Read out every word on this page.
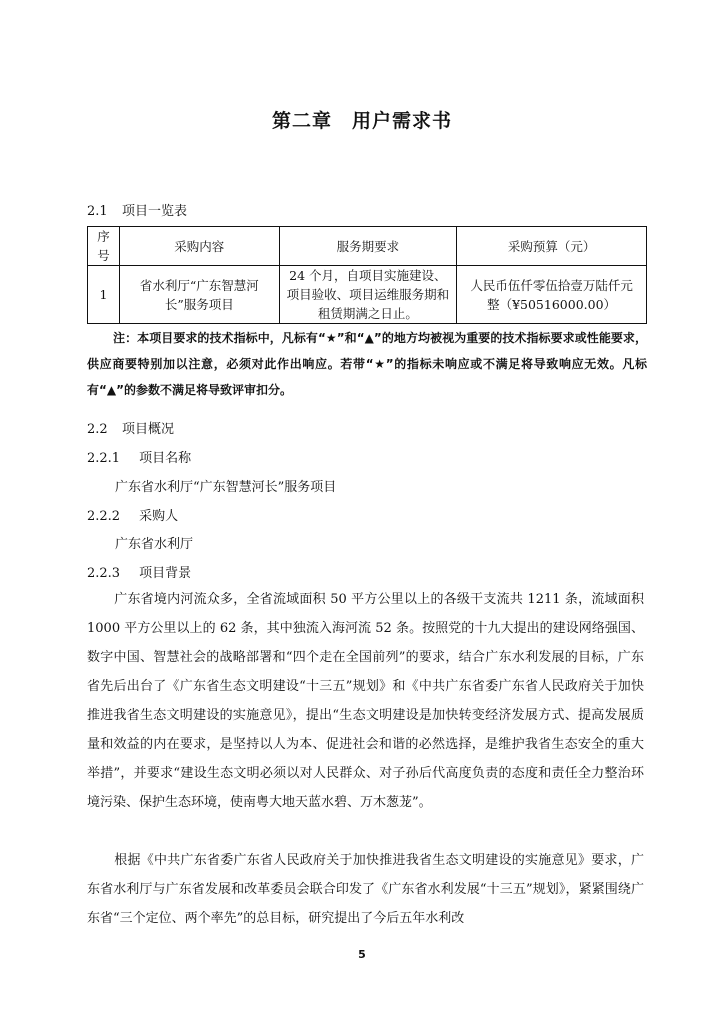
第二章　用户需求书
2.1 项目一览表
序号	采购内容	服务期要求	采购预算（元）
1	省水利厅“广东智慧河长”服务项目	24 个月，自项目实施建设、项目验收、项目运维服务期和租赁期满之日止。	人民币伍仟零伍拾壹万陆仟元整（¥50516000.00）
注：本项目要求的技术指标中，凡标有“★”和“▲”的地方均被视为重要的技术指标要求或性能要求，供应商要特别加以注意，必须对此作出响应。若带“★”的指标未响应或不满足将导致响应无效。凡标有“▲”的参数不满足将导致评审扣分。
2.2 项目概况
2.2.1 项目名称
广东省水利厅“广东智慧河长”服务项目
2.2.2 采购人
广东省水利厅
2.2.3 项目背景
广东省境内河流众多，全省流域面积 50 平方公里以上的各级干支流共 1211 条，流域面积 1000 平方公里以上的 62 条，其中独流入海河流 52 条。按照党的十九大提出的建设网络强国、数字中国、智慧社会的战略部署和“四个走在全国前列”的要求，结合广东水利发展的目标，广东省先后出台了《广东省生态文明建设“十三五”规划》和《中共广东省委广东省人民政府关于加快推进我省生态文明建设的实施意见》，提出“生态文明建设是加快转变经济发展方式、提高发展质量和效益的内在要求，是坚持以人为本、促进社会和谐的必然选择，是维护我省生态安全的重大举措”，并要求“建设生态文明必须以对人民群众、对子孙后代高度负责的态度和责任全力整治环境污染、保护生态环境，使南粤大地天蓝水碧、万木葱茏”。
根据《中共广东省委广东省人民政府关于加快推进我省生态文明建设的实施意见》要求，广东省水利厅与广东省发展和改革委员会联合印发了《广东省水利发展“十三五”规划》，紧紧围绕广东省“三个定位、两个率先”的总目标，研究提出了今后五年水利改
5
